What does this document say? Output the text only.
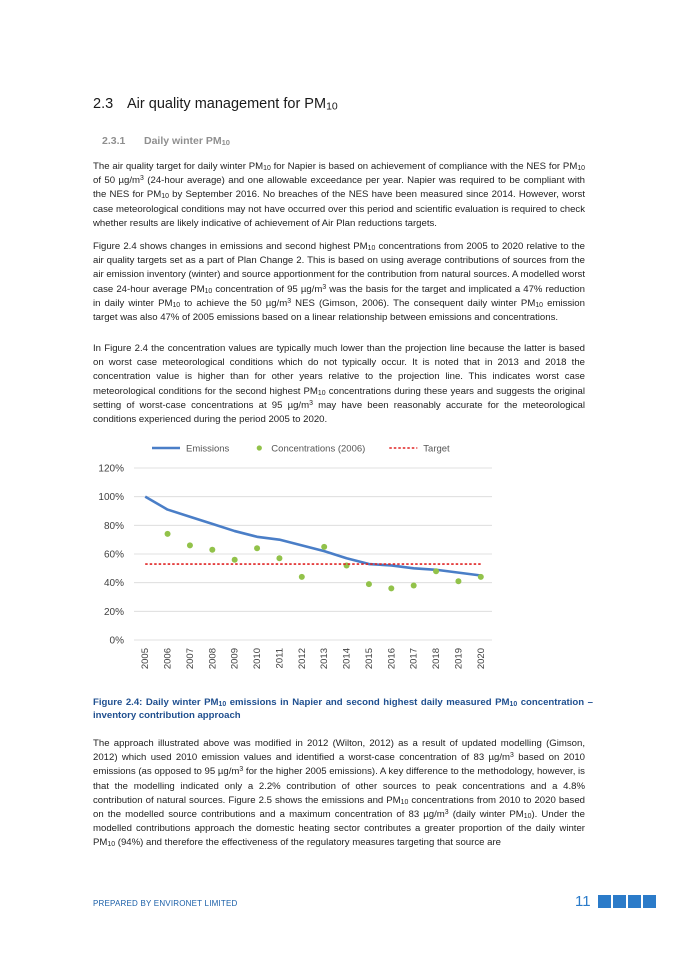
2.3 Air quality management for $PM_{10}$
2.3.1 Daily winter $PM_{10}$

The air quality target for daily winter $PM_{10}$ for Napier is based on achievement of compliance with the NES for $PM_{10}$ of 50 $\mu g/m^3$ (24-hour average) and one allowable exceedance per year. Napier was required to be compliant with the NES for $PM_{10}$ by September 2016. No breaches of the NES have been measured since 2014. However, worst case meteorological conditions may not have occurred over this period and scientific evaluation is required to check whether results are likely indicative of achievement of Air Plan reductions targets.

Figure 2.4 shows changes in emissions and second highest $PM_{10}$ concentrations from 2005 to 2020 relative to the air quality targets set as a part of Plan Change 2. This is based on using average contributions of sources from the air emission inventory (winter) and source apportionment for the contribution from natural sources. A modelled worst case 24-hour average $PM_{10}$ concentration of 95 $\mu g/m^3$ was the basis for the target and implicated a 47% reduction in daily winter $PM_{10}$ to achieve the 50 $\mu g/m^3$ NES (Gimson, 2006). The consequent daily winter $PM_{10}$ emission target was also 47% of 2005 emissions based on a linear relationship between emissions and concentrations.

In Figure 2.4 the concentration values are typically much lower than the projection line because the latter is based on worst case meteorological conditions which do not typically occur. It is noted that in 2013 and 2018 the concentration value is higher than for other years relative to the projection line. This indicates worst case meteorological conditions for the second highest $PM_{10}$ concentrations during these years and suggests the original setting of worst-case concentrations at 95 $\mu g/m^3$ may have been reasonably accurate for the meteorological conditions experienced during the period 2005 to 2020.

0%
20%
40%
60%
80%
100%
120%
2005 2006 2007 2008 2009 2010 2011 2012 2013 2014 2015 2016 2017 2018 2019 2020
Emissions	Concentrations (2006)	Target
Figure 2.4: Daily winter $PM_{10}$ emissions in Napier and second highest daily measured $PM_{10}$ concentration – inventory contribution approach

The approach illustrated above was modified in 2012 (Wilton, 2012) as a result of updated modelling (Gimson, 2012) which used 2010 emission values and identified a worst-case concentration of 83 $\mu g/m^3$ based on 2010 emissions (as opposed to 95 $\mu g/m^3$ for the higher 2005 emissions). A key difference to the methodology, however, is that the modelling indicated only a 2.2% contribution of other sources to peak concentrations and a 4.8% contribution of natural sources. Figure 2.5 shows the emissions and $PM_{10}$ concentrations from 2010 to 2020 based on the modelled source contributions and a maximum concentration of 83 $\mu g/m^3$ (daily winter $PM_{10}$). Under the modelled contributions approach the domestic heating sector contributes a greater proportion of the daily winter $PM_{10}$ (94%) and therefore the effectiveness of the regulatory measures targeting that source are

PREPARED BY ENVIRONET LIMITED	11
